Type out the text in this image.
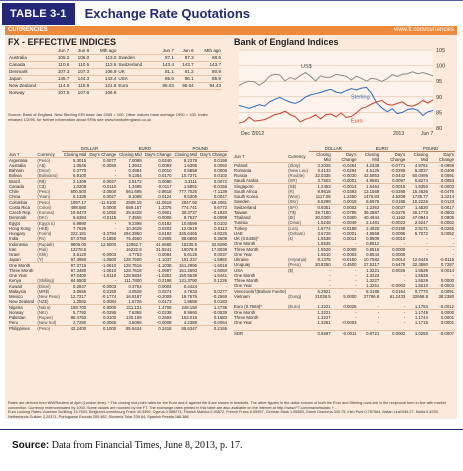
TABLE 3-1	Exchange Rate Quotations
CURRENCIES	www.ft.com/currencies
FX - EFFECTIVE INDICES
	Jun 7	Jun 6	Mth ago		Jun 7	Jun 6	Mth ago
Australia	105.2	106.0	113.0	Sweden	87.1	87.3	88.6
Canada	110.6	110.5	113.6	Switzerland	143.4	143.7	143.7
Denmark	107.3	107.3	106.9	UK	81.1	81.2	80.9
Japan	145.7	144.3	143.4	USA	85.6	86.1	85.9
New Zealand	114.6	115.9	121.8	Euro	95.03	95.04	94.43
Norway	107.5	107.6	106.8				
Source: Bank of England. New Sterling ERI base Jan 2005 = 100. Other indices base average 1990 = 100. Index rebased 1/2/95. for further information about ERIs see www.bankofengland.co.uk
Bank of England Indices
80
85
90
95
100
105
Sterling
US$
Euro
Dec 7
2012	2013	Jun 7
		DOLLAR		EURO		POUND	
Jun 7	Currency	Closing Mid	Day's Change	Closing Mid	Day's Change	Closing Mid	Day's Change
Argentina	(Peso)	5.3015	0.0077	7.0089	0.0240	8.2378	0.0198
Australia	(A$)	1.0546	-0.0050	1.3943	0.0093	1.6395	0.0092
Bahrain	(Dinar)	0.3770	-	0.4984	0.0010	0.5858	0.0006
Bolivia	(Boliviano)	6.9100	-	9.1354	0.0170	10.7371	0.0102
Brazil	(R$)	2.1309	0.0027	2.8172	0.0090	3.3111	0.0072
Canada	(C$)	1.0208	-0.0110	1.3495	-0.0117	1.5861	-0.0156
Chile	(Peso)	500.500	-3.0500	661.695	-2.8618	777.7025	-7.1139
China	(Yuan)	6.1335	0.0027	8.1088	0.0124	9.5306	0.0047
Colombia	(Peso)	1897.17	-11.6100	2508.15	-11.0515	2947.92	-18.4081
Costa Rica	(Colon)	498.580	0.0000	659.157	1.2376	774.741	0.6772
Czech Rep.	(Koruna)	19.5473	-0.1050	25.8428	-0.0901	30.3737	-0.1820
Denmark	(DKr)	5.6394	-0.0115	7.4555	-0.0006	8.7627	-0.0098
Egypt	(Egypt £)	6.9890	-	9.2398	0.0182	10.8598	0.0102
Hong Kong	(HK$)	7.7626	-	10.2625	0.0202	12.0619	0.0113
Hungary	(Forint)	222.181	-3.3794	294.2950	-3.6192	345.6465	-4.8226
India	(Rs)	57.0750	0.1850	75.4560	0.2905	88.6860	0.3609
Indonesia	(Rupiah)	9805.00	12.5000	12962.7	41.5665	15235.5	32.8290
Iran	(Rial)	12278.5	-	16232.8	31.9241	19078.9	17.8038
Israel	(Shk)	3.6120	-0.0003	4.7753	0.0084	5.6125	0.0037
Japan	(Y)	97.3950	-1.0600	128.7600	-1.1037	151.337	-1.5982
One Month		97.3715	-1.0610	128.7516	-1.1038	151.2996	-1.6018
Three Month		97.3480	-1.0610	128.7618	-1.0997	151.2693	-1.6050
One Year		97.0400	-1.0110	128.5834	-1.0302	150.5539	-1.5441
Kenya	(Shilling)	84.5500	-	111.7800	0.2198	131.3790	0.1226
Kuwait	(Dinar)	0.2847	-0.0003	0.3764	0.0004	0.4424	-
Malaysia	(MR$)	3.0655	0.0150	4.0528	0.0274	4.7633	0.0277
Mexico	(New Peso)	12.7217	-0.1774	16.8187	-0.2009	19.7676	-0.2569
New Zealand	(NZ$)	1.2582	0.0084	1.6726	0.0173	1.9659	0.0183
Nigeria	(Naira)	159.700	0.8000	211.131	1.4708	248.150	1.4735
Norway	(NKr)	5.7792	-0.0295	7.6365	-0.0238	8.9660	-0.0539
Pakistan	(Rupee)	98.4750	0.0100	130.189	0.2693	153.015	0.1583
Peru	(New Sol)	2.7280	-0.0065	3.6066	-0.0008	4.2389	-0.0054
Philippines	(Peso)	42.2400	0.1000	55.8434	0.2418	65.6347	0.2165
		DOLLAR		EURO		POUND	
Jun 7	Currency	Closing Mid	Day's Change	Closing Mid	Day's Change	Closing Mid	Day's Change
Poland	(Zloty)	3.2025	-0.0464	4.2338	-0.0771	4.9761	-0.0959
Romania	(New Leu)	3.4133	-0.0294	4.5125	-0.0299	5.3037	-0.0408
Russia	(Rouble)	32.0335	-0.0030	42.5853	0.0442	50.0495	0.0091
Saudi Arabia	(SR)	3.7503	-0.0001	4.9581	0.0097	5.8274	0.0053
Singapore	(S$)	1.2453	-0.0014	1.6464	0.0015	1.9350	-0.0003
South Africa	(R)	9.9518	-0.0393	13.1568	-0.0268	15.4636	-0.0476
South Korea	(Won)	1117.08	1.2250	1476.83	4.5208	1735.77	3.3214
Sweden	(SKr)	6.5299	0.0018	8.6976	0.0195	10.2226	0.0123
Switzerland	(SFr)	0.9351	0.0002	1.2362	0.0027	1.4530	0.0017
Taiwan	(T$)	29.7180	-0.0785	39.2887	-0.0276	46.1773	-0.0803
Thailand	(Bt)	30.0300	0.0300	40.4944	0.1162	47.0944	0.0905
Tunisia	(Dinar)	1.6248	-0.0049	2.1481	-0.0023	2.5247	-0.0052
Turkey	(Lira)	1.8774	-0.0188	2.4820	-0.0199	2.9171	-0.0265
UAE	(Dirham)	3.6729	-0.0001	4.8558	0.0095	5.7072	0.0052
UK (0.6436)*	(£)	1.5538	0.0014	0.8509	-0.0010	-	-
One Month		1.5535	-	0.8512	-	-	-
Three Month		1.5529	0.0009	0.8518	0.0000	-	-
One Year		1.5510	-0.0003	0.8544	0.0000	-	-
Ukraine	(Hrywnja)	8.1375	-0.0150	10.7582	0.0014	12.6445	-0.0115
Uruguay	(Peso)	20.8250	0.4500	27.5317	0.6478	32.3590	0.7287
USA	($)	-	-	1.3221	0.0026	1.5539	0.0014
One Month		-	-	1.3223	-	1.5535	-
Three Month		-	-	1.3227	-	1.5529	0.0000
One Year		-	-	1.3251	-0.0003	1.5510	-0.0003
Venezuela†(Bolivar Fuerte)		6.2921	-	8.3185	0.0164	9.7770	0.0091
Vietnam	(Dong)	21038.5	5.0000	27786.8	61.2433	32658.8	38.2380

Euro (0.7564)*	(Euro)	1.3221	0.0026	-	-	1.1754	-0.0012
One Month		1.3221	-	-	-	1.1749	0.0000
Three Month		1.3227	-	-	-	1.1744	0.0001
One Year		1.3251	-0.0003	-	-	1.1715	0.0001

SDR		0.6597	-0.0011	0.8721	0.0002	1.0250	-0.0007
Rates are derived from WM/Reuters at 4pm (London time). * The closing mid-point rates for the Euro and £ against the $ are shown in brackets. The other figures in the dollar column of both the Euro and Sterling rows are in the reciprocal form in line with market convention. Currency redenominated by 1000. Some values are rounded by the FT. The exchange rates printed in this table are also available on the internet at http://www.FT.com/marketsdata. † -
Euro Locking Rates: Austrian Schilling 13.7603, Belgium/Luxembourg Franc 40.3399, Cyprus 0.585274, Finnish Markka 5.94572, French Franc 6.55957, German Mark 1.95583, Greek Drachma 340.75, Irish Punt 0.787564, Italian Lira1936.27, Malta 0.4293, Netherlands Guilder 2.20371, Portuguese Escudo 200.482, Slovenia Tolar 239.64, Spanish Peseta 166.386
Source: Data from Financial Times, June 8, 2013, p. 17.
